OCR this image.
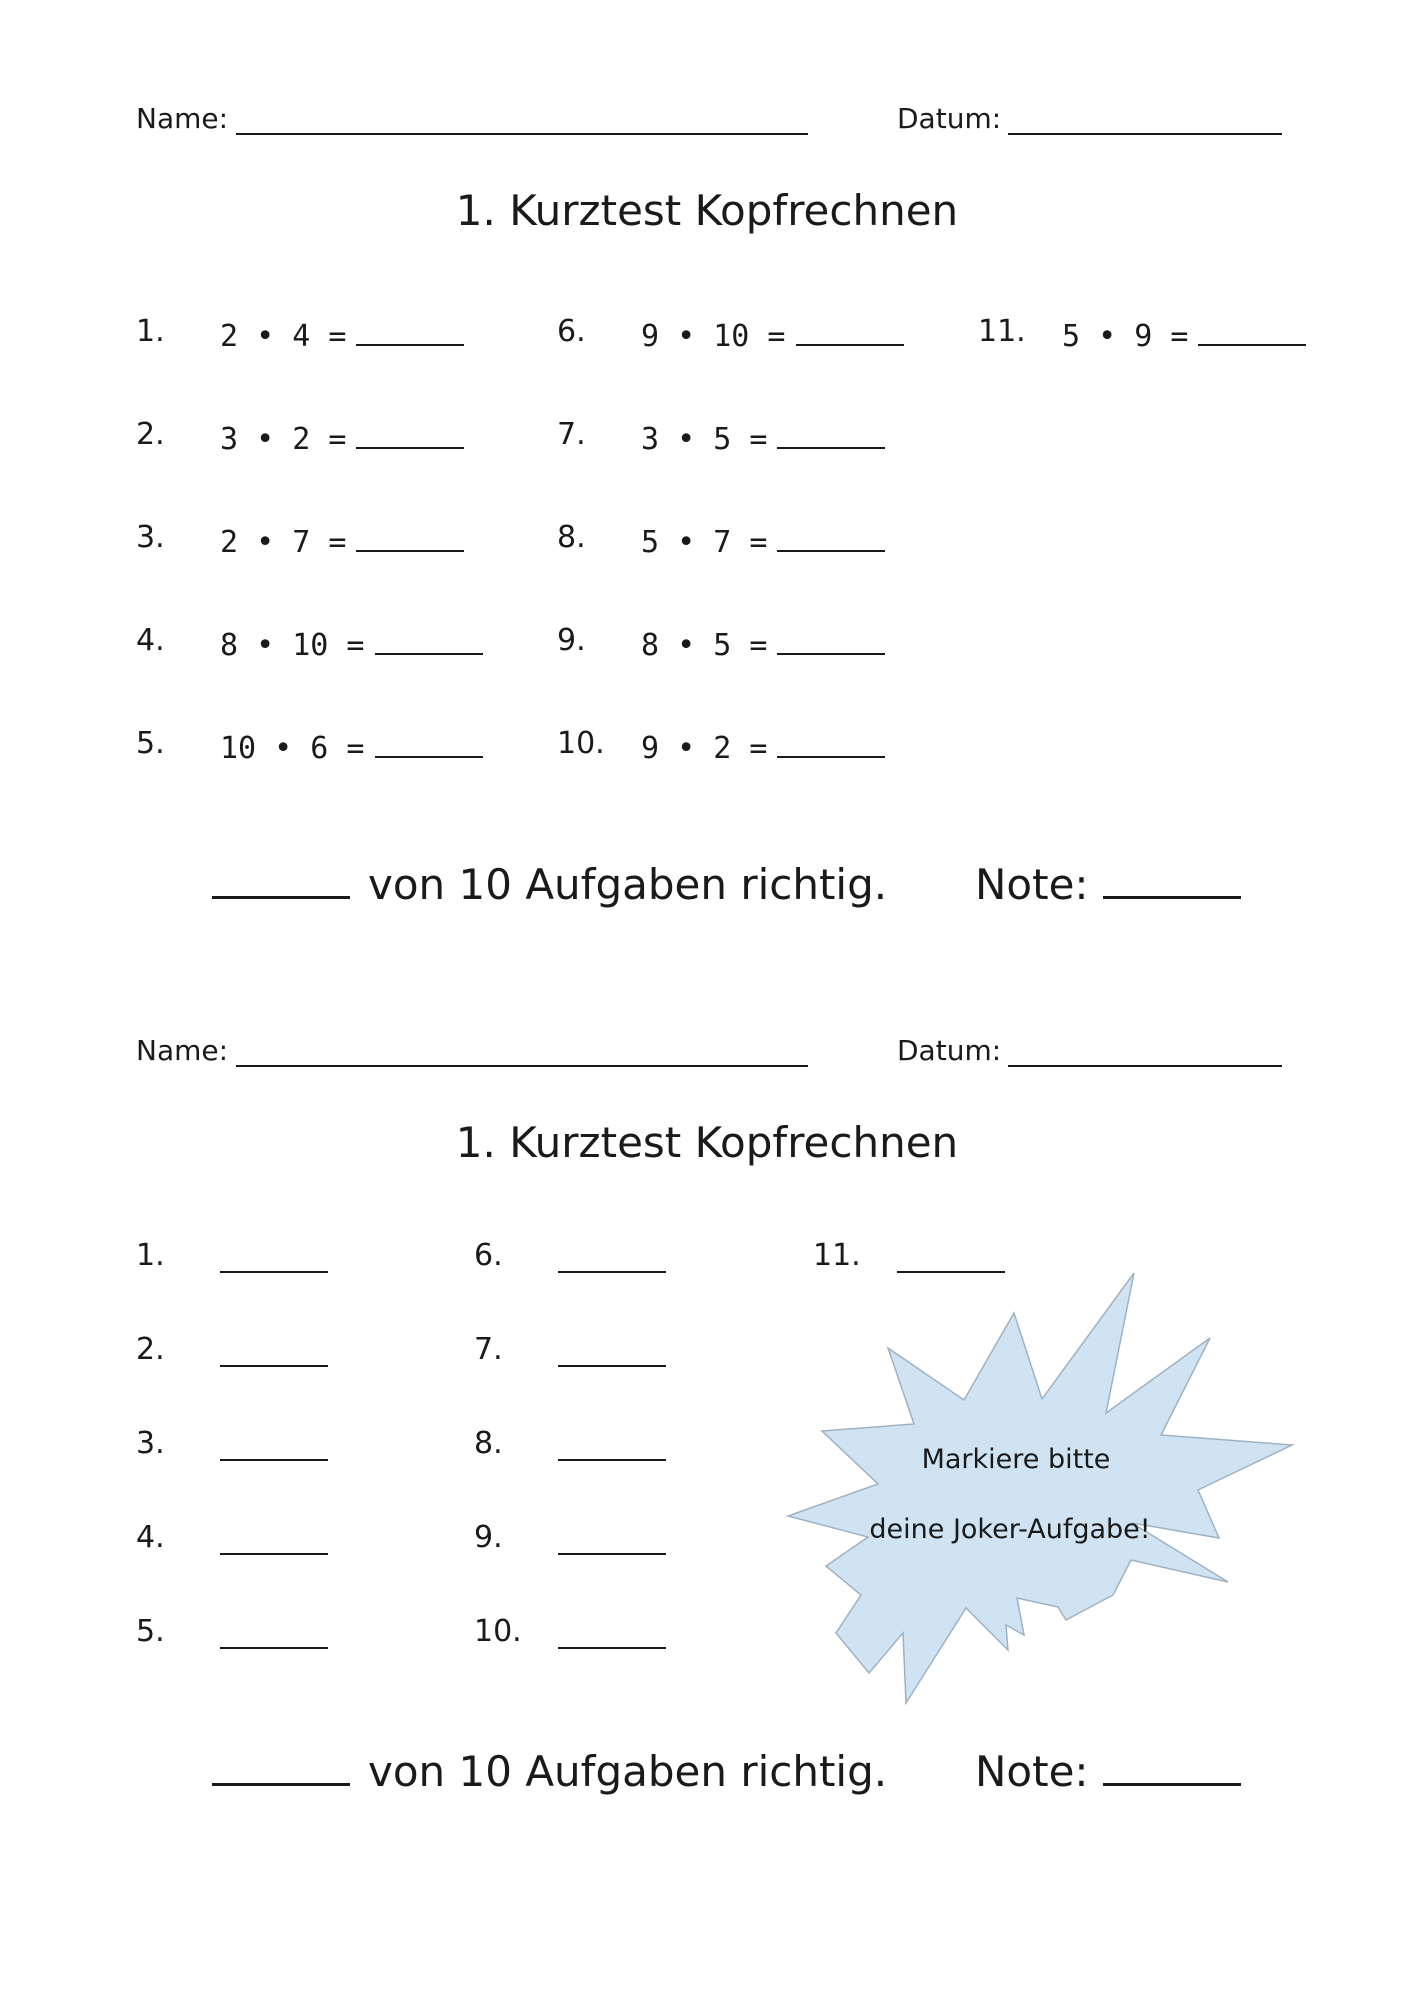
Name:	Datum:
1. Kurztest Kopfrechnen
1. 2 • 4 =
2. 3 • 2 =
3. 2 • 7 =
4. 8 • 10 =
5. 10 • 6 =
6. 9 • 10 =
7. 3 • 5 =
8. 5 • 7 =
9. 8 • 5 =
10. 9 • 2 =
11. 5 • 9 =
von 10 Aufgaben richtig. Note:
Name:	Datum:
1. Kurztest Kopfrechnen
1.
2.
3.
4.
5.
6.
7.
8.
9.
10.
11.
Markiere bitte
deine Joker-Aufgabe!
von 10 Aufgaben richtig. Note:
